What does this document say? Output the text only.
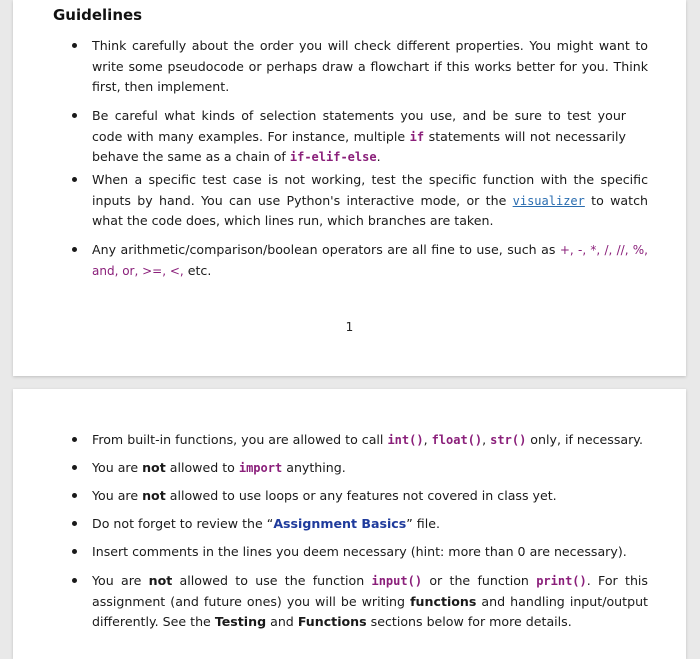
Guidelines
Think carefully about the order you will check different properties. You might want to write some pseudocode or perhaps draw a flowchart if this works better for you. Think first, then implement.
Be careful what kinds of selection statements you use, and be sure to test your code with many examples. For instance, multiple if statements will not necessarily behave the same as a chain of if-elif-else.
When a specific test case is not working, test the specific function with the specific inputs by hand. You can use Python's interactive mode, or the visualizer to watch what the code does, which lines run, which branches are taken.
Any arithmetic/comparison/boolean operators are all fine to use, such as +, -, *, /, //, %, and, or, >=, <, etc.
1
From built-in functions, you are allowed to call int(), float(), str() only, if necessary.
You are not allowed to import anything.
You are not allowed to use loops or any features not covered in class yet.
Do not forget to review the “Assignment Basics” file.
Insert comments in the lines you deem necessary (hint: more than 0 are necessary).
You are not allowed to use the function input() or the function print(). For this assignment (and future ones) you will be writing functions and handling input/output differently. See the Testing and Functions sections below for more details.
